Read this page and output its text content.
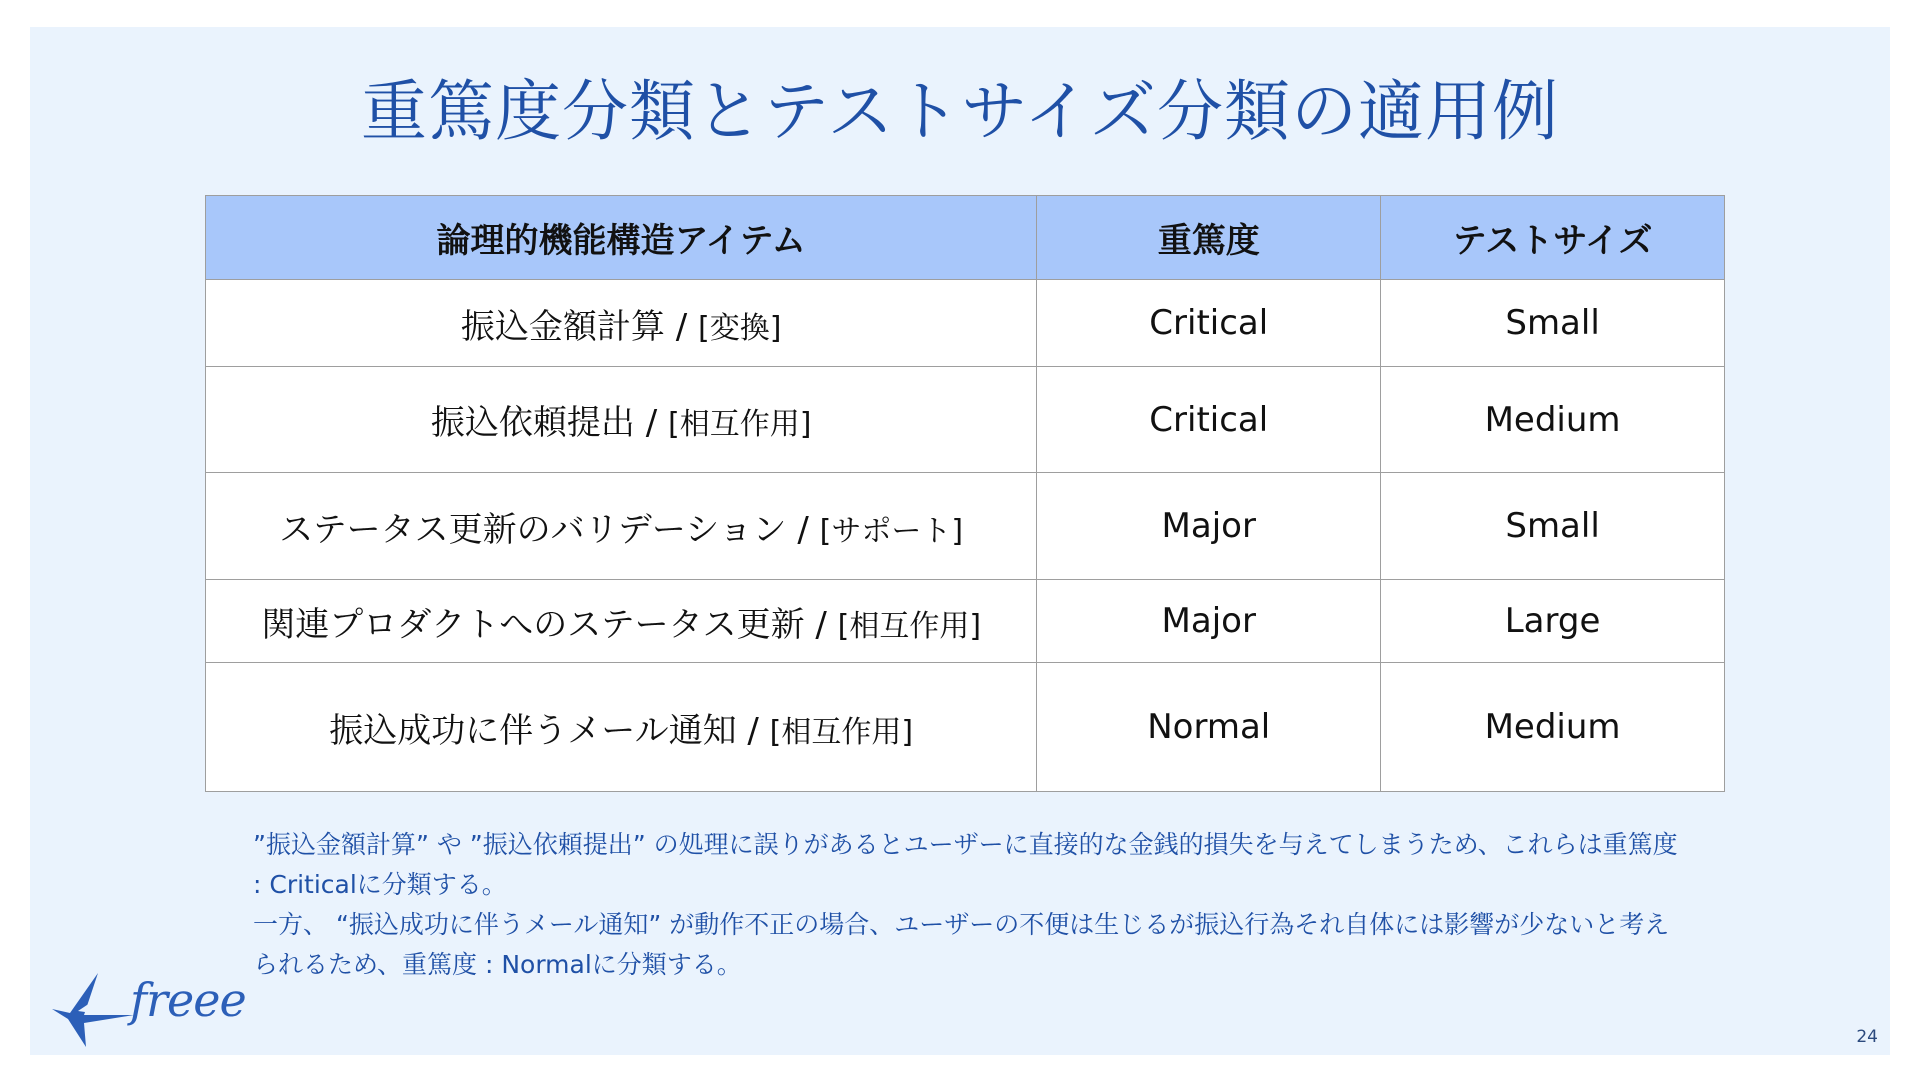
重篤度分類とテストサイズ分類の適用例
論理的機能構造アイテム	重篤度	テストサイズ
振込金額計算 / [変換]	Critical	Small
振込依頼提出 / [相互作用]	Critical	Medium
ステータス更新のバリデーション / [サポート]	Major	Small
関連プロダクトへのステータス更新 / [相互作用]	Major	Large
振込成功に伴うメール通知 / [相互作用]	Normal	Medium

”振込金額計算” や ”振込依頼提出” の処理に誤りがあるとユーザーに直接的な金銭的損失を与えてしまうため、これらは重篤度 : Criticalに分類する。

一方、 “振込成功に伴うメール通知” が動作不正の場合、ユーザーの不便は生じるが振込行為それ自体には影響が少ないと考えられるため、重篤度 : Normalに分類する。

freee
24
